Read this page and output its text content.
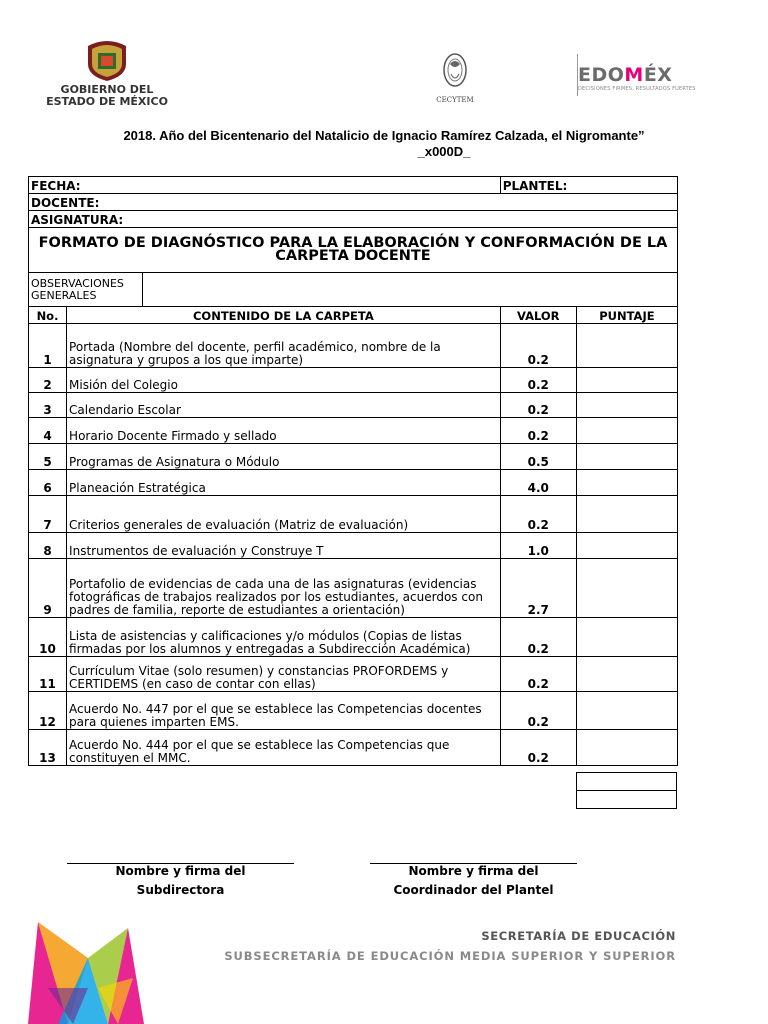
GOBIERNO DEL
ESTADO DE MÉXICO	CECYTEM
EDOMÉX
DECISIONES FIRMES, RESULTADOS FUERTES
2018. Año del Bicentenario del Natalicio de Ignacio Ramírez Calzada, el Nigromante”
_x000D_
FECHA:			PLANTEL:	
DOCENTE:				
ASIGNATURA:				
FORMATO DE DIAGNÓSTICO PARA LA ELABORACIÓN Y CONFORMACIÓN DE LA CARPETA DOCENTE				
OBSERVACIONES GENERALES				
No.	CONTENIDO DE LA CARPETA		VALOR	PUNTAJE
1	Portada (Nombre del docente, perfil académico, nombre de la asignatura y grupos a los que imparte)		0.2	
2	Misión del Colegio		0.2	
3	Calendario Escolar		0.2	
4	Horario Docente Firmado y sellado		0.2	
5	Programas de Asignatura o Módulo		0.5	
6	Planeación Estratégica		4.0	
7	Criterios generales de evaluación (Matriz de evaluación)		0.2	
8	Instrumentos de evaluación y Construye T		1.0	
9	Portafolio de evidencias de cada una de las asignaturas (evidencias fotográficas de trabajos realizados por los estudiantes, acuerdos con padres de familia, reporte de estudiantes a orientación)		2.7	
10	Lista de asistencias y calificaciones y/o módulos (Copias de listas firmadas por los alumnos y entregadas a Subdirección Académica)		0.2	
11	Currículum Vitae (solo resumen) y constancias PROFORDEMS y CERTIDEMS (en caso de contar con ellas)		0.2	
12	Acuerdo No. 447 por el que se establece las Competencias docentes para quienes imparten EMS.		0.2	
13	Acuerdo No. 444 por el que se establece las Competencias que constituyen el MMC.		0.2	
Nombre y firma del
Subdirectora
Nombre y firma del
Coordinador del Plantel
SECRETARÍA DE EDUCACIÓN
SUBSECRETARÍA DE EDUCACIÓN MEDIA SUPERIOR Y SUPERIOR
